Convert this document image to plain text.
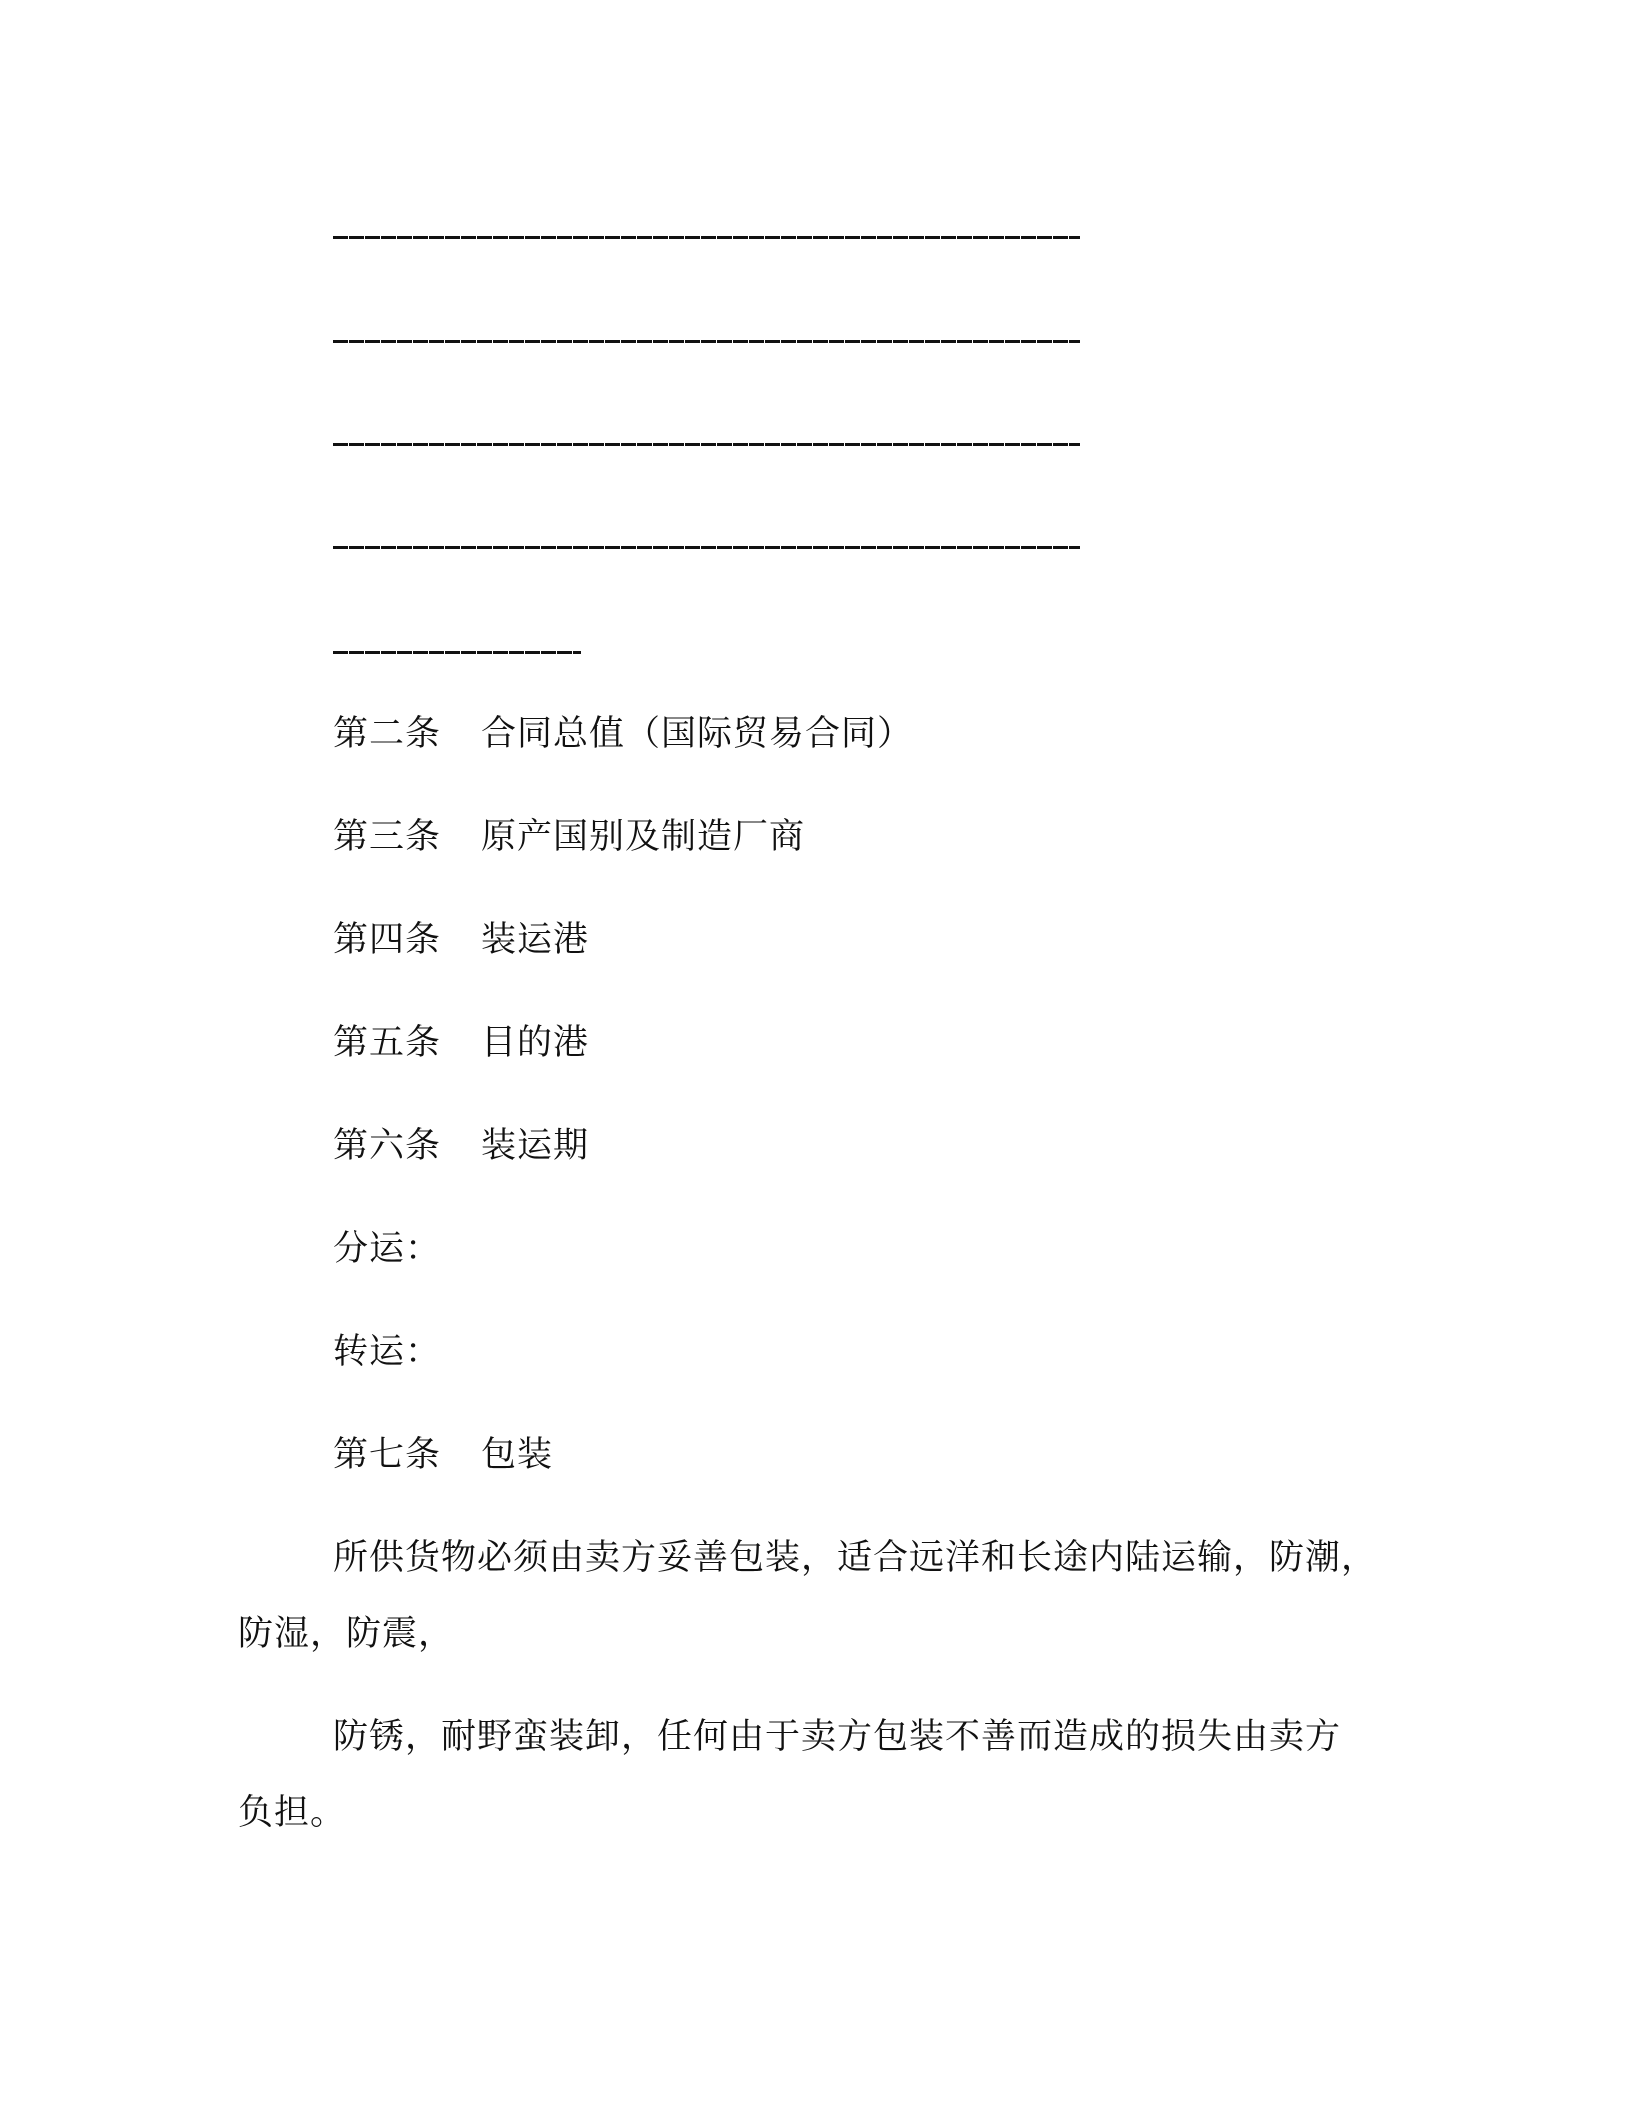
第二条 合同总值（国际贸易合同）
第三条 原产国别及制造厂商
第四条 装运港
第五条 目的港
第六条 装运期
分运：
转运：
第七条 包装
所供货物必须由卖方妥善包装，适合远洋和长途内陆运输，防潮，
防湿，防震，
防锈，耐野蛮装卸，任何由于卖方包装不善而造成的损失由卖方
负担。
